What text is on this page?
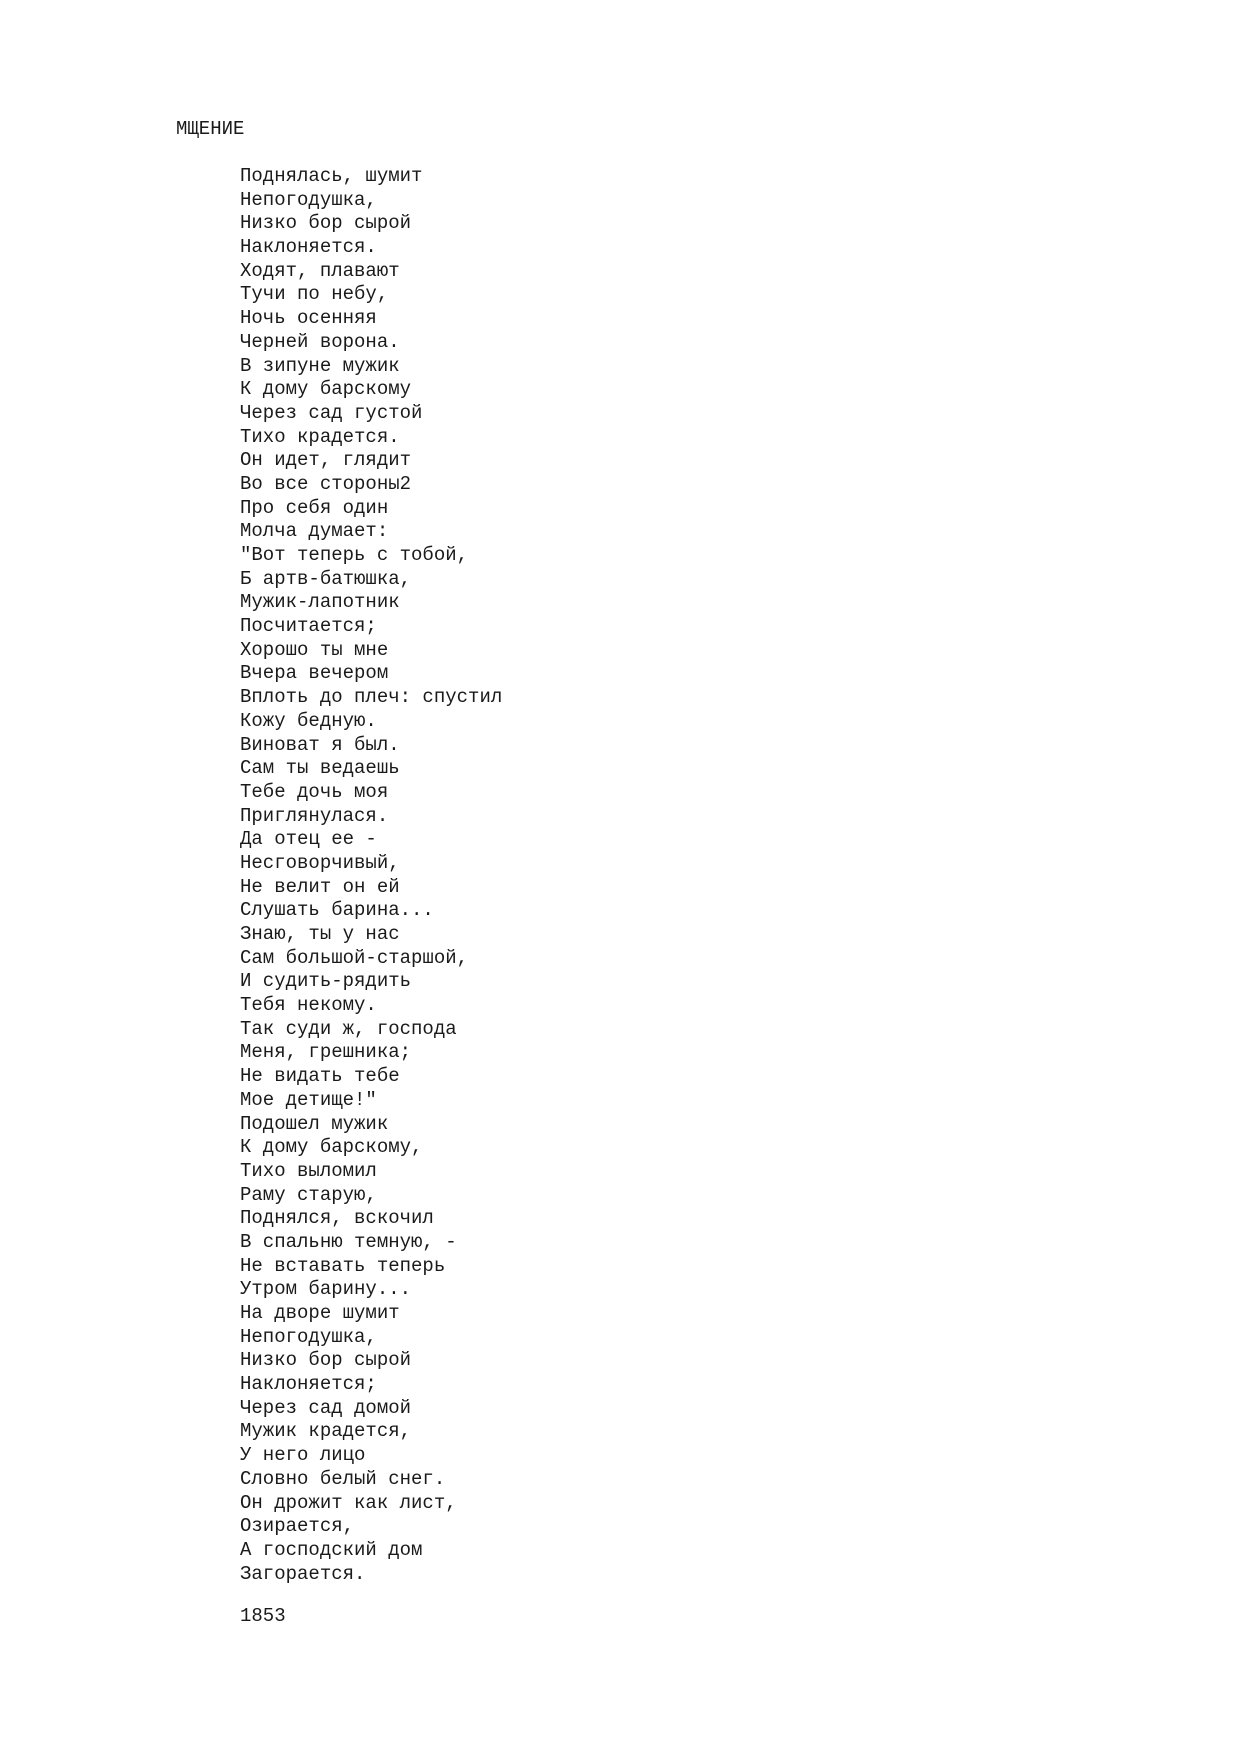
МЩЕНИЕ
Поднялась, шумит
Непогодушка,
Низко бор сырой
Наклоняется.
Ходят, плавают
Тучи по небу,
Ночь осенняя
Черней ворона.
В зипуне мужик
К дому барскому
Через сад густой
Тихо крадется.
Он идет, глядит
Во все стороны2
Про себя один
Молча думает:
"Вот теперь с тобой,
Б артв-батюшка,
Мужик-лапотник
Посчитается;
Хорошо ты мне
Вчера вечером
Вплоть до плеч: спустил
Кожу бедную.
Виноват я был.
Сам ты ведаешь
Тебе дочь моя
Приглянулася.
Да отец ее -
Несговорчивый,
Не велит он ей
Слушать барина...
Знаю, ты у нас
Сам большой-старшой,
И судить-рядить
Тебя некому.
Так суди ж, господа
Меня, грешника;
Не видать тебе
Мое детище!"
Подошел мужик
К дому барскому,
Тихо выломил
Раму старую,
Поднялся, вскочил
В спальню темную, -
Не вставать теперь
Утром барину...
На дворе шумит
Непогодушка,
Низко бор сырой
Наклоняется;
Через сад домой
Мужик крадется,
У него лицо
Словно белый снег.
Он дрожит как лист,
Озирается,
А господский дом
Загорается.
1853
